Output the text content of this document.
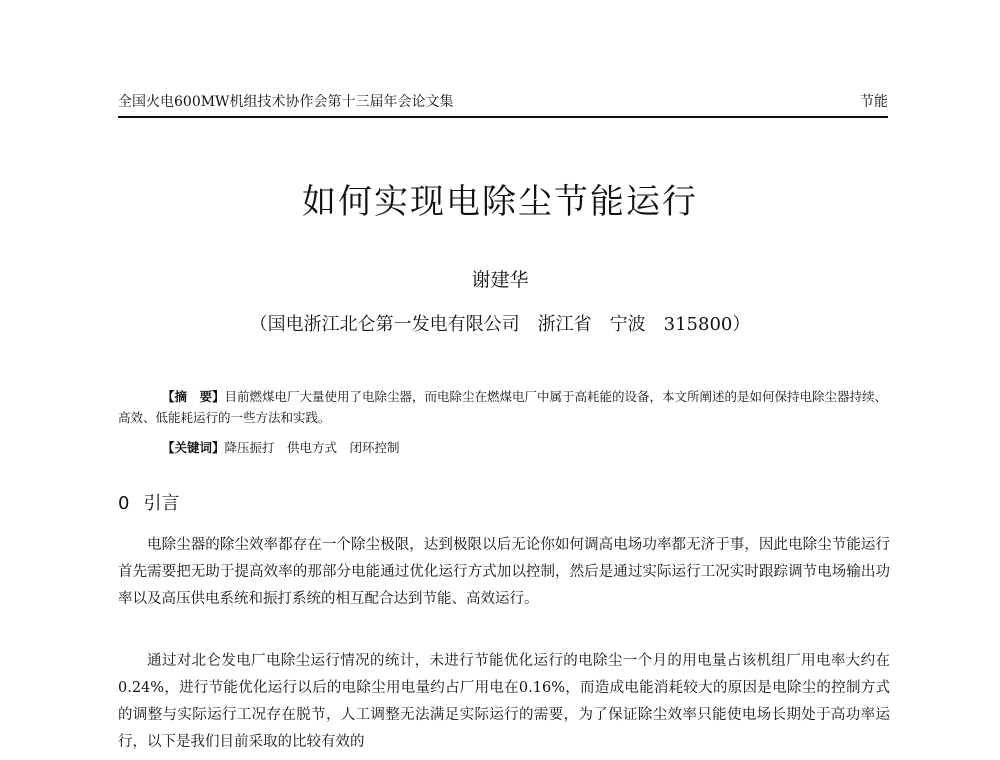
全国火电600MW机组技术协作会第十三届年会论文集	节能
如何实现电除尘节能运行
谢建华
（国电浙江北仑第一发电有限公司　浙江省　宁波　315800）
【摘　要】目前燃煤电厂大量使用了电除尘器，而电除尘在燃煤电厂中属于高耗能的设备，本文所阐述的是如何保持电除尘器持续、高效、低能耗运行的一些方法和实践。
【关键词】降压振打　供电方式　闭环控制
0 引言

电除尘器的除尘效率都存在一个除尘极限，达到极限以后无论你如何调高电场功率都无济于事，因此电除尘节能运行首先需要把无助于提高效率的那部分电能通过优化运行方式加以控制，然后是通过实际运行工况实时跟踪调节电场输出功率以及高压供电系统和振打系统的相互配合达到节能、高效运行。

通过对北仑发电厂电除尘运行情况的统计，未进行节能优化运行的电除尘一个月的用电量占该机组厂用电率大约在0.24%，进行节能优化运行以后的电除尘用电量约占厂用电在0.16%，而造成电能消耗较大的原因是电除尘的控制方式的调整与实际运行工况存在脱节，人工调整无法满足实际运行的需要，为了保证除尘效率只能使电场长期处于高功率运行，以下是我们目前采取的比较有效的
